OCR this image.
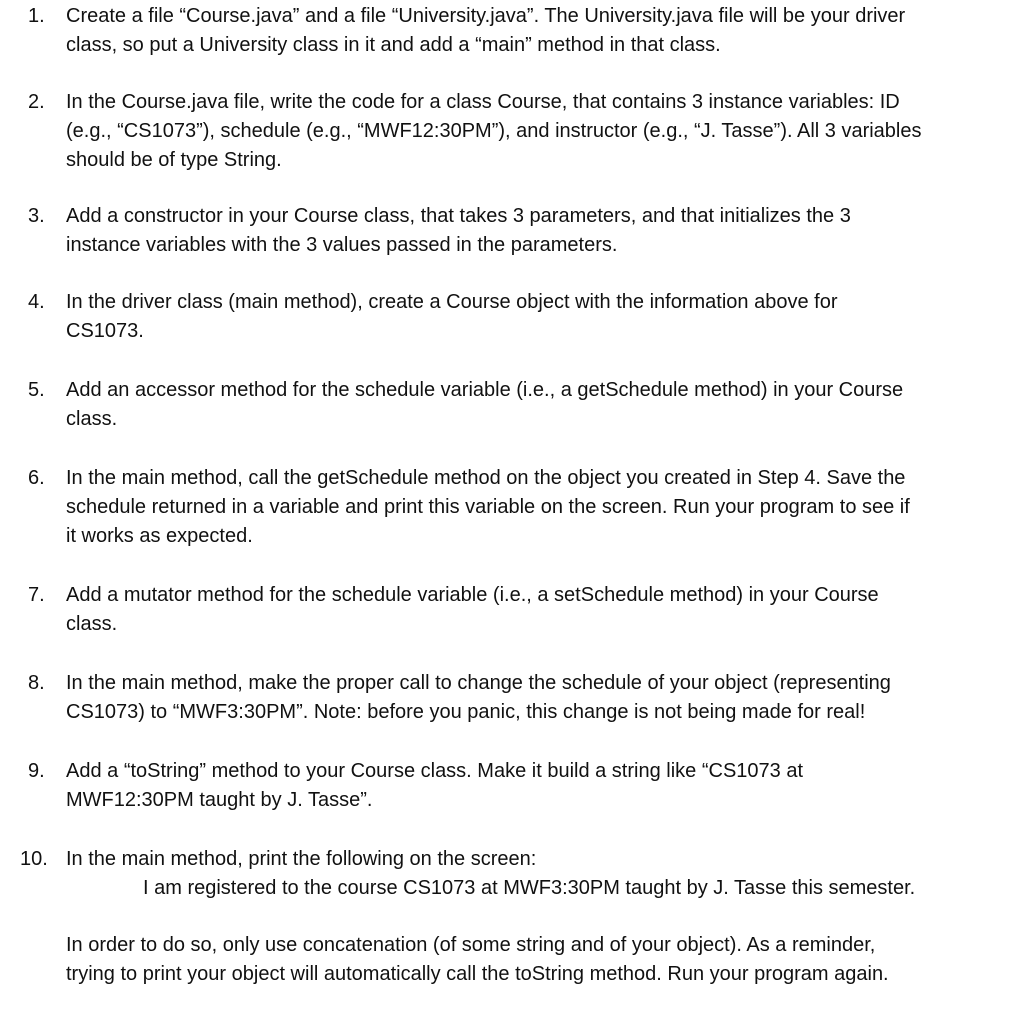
1.	Create a file “Course.java” and a file “University.java”. The University.java file will be your driver
class, so put a University class in it and add a “main” method in that class.
2.	In the Course.java file, write the code for a class Course, that contains 3 instance variables: ID
(e.g., “CS1073”), schedule (e.g., “MWF12:30PM”), and instructor (e.g., “J. Tasse”). All 3 variables
should be of type String.
3.	Add a constructor in your Course class, that takes 3 parameters, and that initializes the 3
instance variables with the 3 values passed in the parameters.
4.	In the driver class (main method), create a Course object with the information above for
CS1073.
5.	Add an accessor method for the schedule variable (i.e., a getSchedule method) in your Course
class.
6.	In the main method, call the getSchedule method on the object you created in Step 4. Save the
schedule returned in a variable and print this variable on the screen. Run your program to see if
it works as expected.
7.	Add a mutator method for the schedule variable (i.e., a setSchedule method) in your Course
class.
8.	In the main method, make the proper call to change the schedule of your object (representing
CS1073) to “MWF3:30PM”. Note: before you panic, this change is not being made for real!
9.	Add a “toString” method to your Course class. Make it build a string like “CS1073 at
MWF12:30PM taught by J. Tasse”.
10. In the main method, print the following on the screen:
I am registered to the course CS1073 at MWF3:30PM taught by J. Tasse this semester.
In order to do so, only use concatenation (of some string and of your object). As a reminder,
trying to print your object will automatically call the toString method. Run your program again.
